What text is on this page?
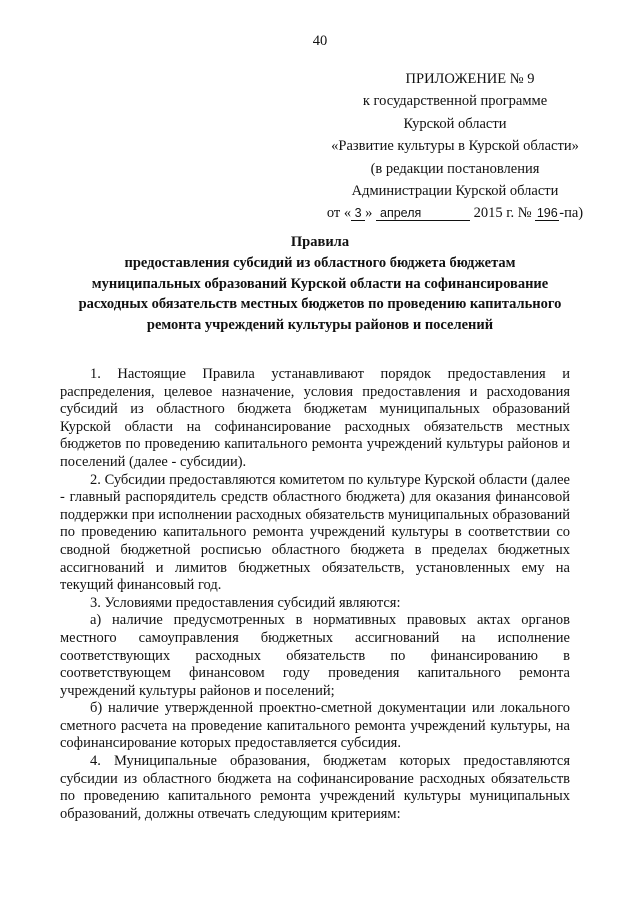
40
ПРИЛОЖЕНИЕ № 9
к государственной программе
Курской области
«Развитие культуры в Курской области»
(в редакции постановления
Администрации Курской области
от « 3 » апреля	2015 г. № 196 -па)
Правила
предоставления субсидий из областного бюджета бюджетам
муниципальных образований Курской области на софинансирование
расходных обязательств местных бюджетов по проведению капитального
ремонта учреждений культуры районов и поселений

1. Настоящие Правила устанавливают порядок предоставления и распределения, целевое назначение, условия предоставления и расходования субсидий из областного бюджета бюджетам муниципальных образований Курской области на софинансирование расходных обязательств местных бюджетов по проведению капитального ремонта учреждений культуры районов и поселений (далее - субсидии).

2. Субсидии предоставляются комитетом по культуре Курской области (далее - главный распорядитель средств областного бюджета) для оказания финансовой поддержки при исполнении расходных обязательств муниципальных образований по проведению капитального ремонта учреждений культуры в соответствии со сводной бюджетной росписью областного бюджета в пределах бюджетных ассигнований и лимитов бюджетных обязательств, установленных ему на текущий финансовый год.

3. Условиями предоставления субсидий являются:

а) наличие предусмотренных в нормативных правовых актах органов местного самоуправления бюджетных ассигнований на исполнение соответствующих расходных обязательств по финансированию в соответствующем финансовом году проведения капитального ремонта учреждений культуры районов и поселений;

б) наличие утвержденной проектно-сметной документации или локального сметного расчета на проведение капитального ремонта учреждений культуры, на софинансирование которых предоставляется субсидия.

4. Муниципальные образования, бюджетам которых предоставляются субсидии из областного бюджета на софинансирование расходных обязательств по проведению капитального ремонта учреждений культуры муниципальных образований, должны отвечать следующим критериям:
